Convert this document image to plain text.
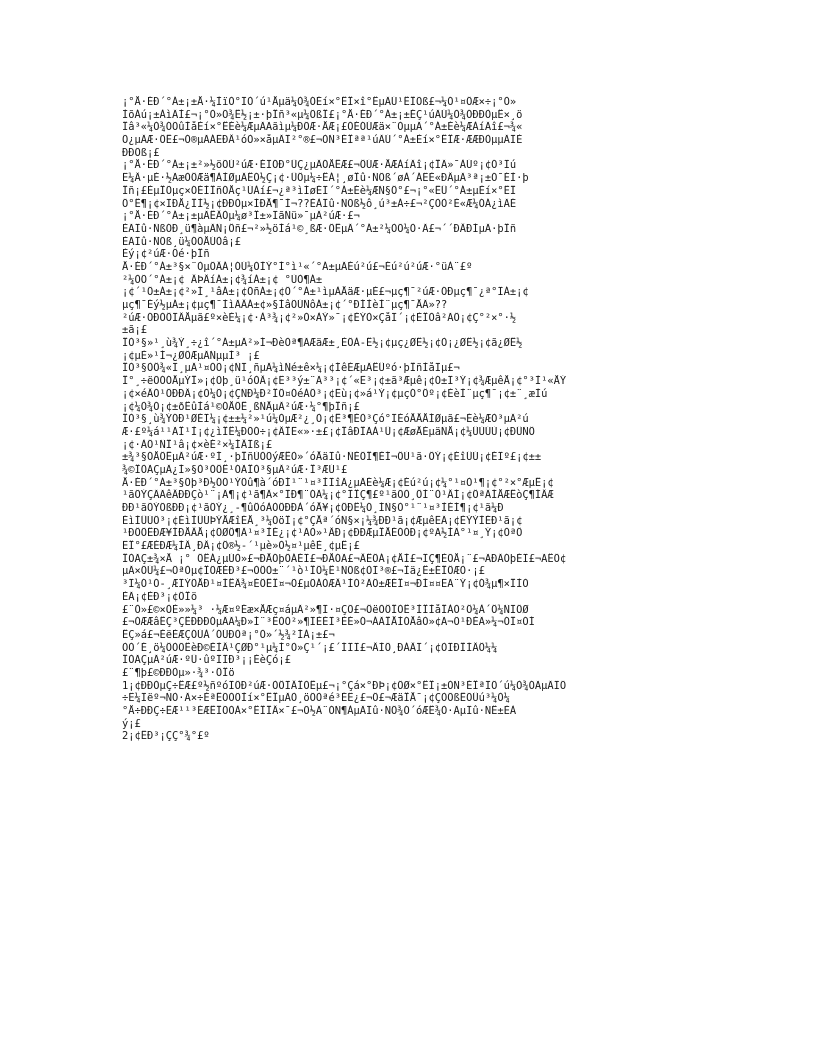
¡°Å·ÉÐ´°Á±¡±Å·¼ÌïÒ°ÏÒ´ú¹Åµä¼Ò¾ÓÉí×°ÊÎ×î°ÊµÄÚ¹ÊÎÕß£¬¼Ó¹¤ÖÆ×÷¡°Ò»
ÌõÁú¡±ÀìÄÌ£¬¡°Ò»Õ¾Ê½¡±·þÎñ³«µ¼ÕßÎ£¡°Å·ÉÐ´°Á±¡±ÉÇ¹úÄÚ¼Ò¾ÓÐÐÒµÊ×¸ö
Îâ³«¼Ò¾ÓÕûÌåÈí×°ÊÉè¼ÆµÄÃãìµ¼ÐÕÆ·ÅÆ¡£ÓÉÓÚÆä×¨ÒµµÄ´°Á±Éè¼ÆÀíÄî£¬¾«
Õ¿µÄÆ·ÖÊ£¬Ó®µÃÁËÐÂ¹óÒ»×åµÄÏ²°®£¬ÒÑ³ÉÎªª¹úÄÚ´°Á±Èí×°ÊÎÆ·ÆÆÐÒµµÄÏÈ
ÐÐÕß¡£
¡°Å·ÉÐ´°Á±¡±²»½öÕÚ²úÆ·ÉÏÓÐ°ÜÇ¿µÄÓÅÊÆ£¬ÔÚÆ·ÅÆÀíÄî¡¢ÎÄ»¯ÀÚº¡¢Ó³Ïú
Ë¼Â·µÈ·½ÃæÒÔÆä¶ÀÌØµÄÊÓ½Ç¡¢·ÛÔµ¼÷ÊÁ¦¸øÎû·ÑÕß´øÀ´ÁËÈ«ÐÂµÄ³ª¡±Ó¯ÉÌ·þ
Îñ¡£ÈµÎÕµç×ÓÉÌÎñÓÅç¹ÚÀí£¬¿ª³ìÍøÉÏ´°Á±Éè¼ÆÑ§Ô°£¬¡°«ÊÛ´°Á±µÈí×°ÊÎ
Ö°Ê¶¡¢×ÏÐÅ¿ÎÌ½¡¢ÐÐÒµ×ÌÐÅ¶¯Ì¬??ÈÀÏû·ÑÕß½ô¸ú³±Á÷£¬²ÇÒÒ²È«Æ¼ÓÁ¿ìÄÉ
¡°Å·ÉÐ´°Á±¡±µÄÊÂÒµ¼ø³Î±»ÏãÑü»¯µÄ²úÆ·£¬
ÈÃÏû·ÑßÓÐ¸ü¶àµÄÑ¡Ôñ£¬²»½öÌá¹©¸ßÆ·ÖÊµÄ´°Á±²¼ÒÕ¼Ò·Ä£¬´´ÐÂÐÍµÄ·þÎñ
ÈÃÏû·ÑÕß¸ü¼ÓÕÅÚÒâ¡£
Èý¡¢²úÆ·Öé·þÎñ
Å·ÉÐ´°Á±³§×¨ÒµÖÂÁ¦ÓÚ¼ÒÌÝ°Í°ì¹«´°Á±µÄÉú²ú£¬Éú²ú²úÆ·°üÀ¨£º
²¼ÒÕ´°Á±¡¢ ÂÞÂíÁ±¡¢¾íÁ±¡¢ °ÙÒ¶Á±
¡¢´¹Ö±Á±¡¢²»Í¸¹âÁ±¡¢ÕñÁ±¡¢Ö´°Á±¹ìµÀÅäÆ·µÈ£¬µç¶¯²úÆ·ÓÐµç¶¯¿ª°ÏÁ±¡¢
µç¶¯Éý½µÁ±¡¢µç¶¯ÌìÄÂÁ±¢»§ÍâÕÚÑôÁ±¡¢´°ÐÍÌèÌ¨µç¶¯ÅÄ»??
²úÆ·ÓÐÒÔÏÂÅµã£º×èÈ¼¡¢·À³¾¡¢²»Ò×ÀÝ»¯¡¢ÈÝÒ×ÇåÏ´¡¢ÈÎÒâ²ÃÖ¡¢Ç°²×°·½
±ã¡£
ÎÒ³§»¹¸ù¾Ý¸÷¿î´°Á±µÄ²»Í¬ÐèÒª¶ÃÆäÆ±¸ÈÖÀ-Ê½¡¢µç¿ØÊ½¡¢Ò¡¿ØÊ½¡¢ã¿ØÊ½
¡¢µÈ»¹Í¬¿ØÖÆµÄÑµµÍ³ ¡£
ÎÒ³§ÒÔ¾«Ï¸µÄ¹¤ÒÕ¡¢ÑÏ¸ñµÄ¼ìÑé±ê×¼¡¢ÍêÉÆµÄÊÛºó·þÎñÌåÏµ£¬
Î°¸÷ëÕÓÓÅµÝÎ»¡¢Õþ¸ü¹óÒÂ¡¢Ë³³ý±¨Ã³³¡¢´«Ë³¡¢±ã³Æµê¡¢Ó±Ï³Ý¡¢¾ÆµêÅ¡¢°³Ì¹«ÅÝ
¡¢×éÂÓ¹ÖÐÐÂ¡¢Ò¼Õ¡¢ÇÑÐ¼Ð²ÎÖ¤ÓéÀÖ³¡¢Ëù¡¢»á¹Ý¡¢µçÓ°Ôº¡¢ÈèÌ¨µç¶¯¡¢±¨¸æÌú
¡¢¼Ò¾Ó¡¢±ðÊûÌá¹©ÓÅÖÊ¸ßÑÅµÄ²úÆ·¼°¶þÎñ¡£
ÎÒ³§¸ù¾ÝÓÐ¹ØÉÏ¼¡¢±±¼²»¹ú¼ÒµÆ²¿¸Ò¡¢Ê³¶ÈÒ³Çó°ÏÉóÅÅÅÍØµã£¬Éè¼ÆÒ³µÄ²ú
Æ·£º¼á¹¹ÃÎ¹Ì¡¢¿ìÎÊ¼ÐÕÓ÷¡¢ÂÎË«»·±£¡¢ÎâÐÎÃÀ¹Û¡¢ÆøÅÉµäÑÅ¡¢¼ÛÙÚÙ¡¢ÐÛÑÔ
¡¢·ÀÖ¹ÑÎ¹â¡¢×èÉ²×¼ÍÂÏß¡£
±¾³§ÓÅÖÊµÄ²úÆ·ºÍ¸·þÎñÙÒÕýÆÊÒ»´óÅäÏû·ÑÈÖÎ¶ÈÍ¬ÔÚ¹ã·ÖÝ¡¢ÉîÛÚ¡¢ÉÏº£¡¢±±
¾©ÎÒÃÇµÄ¿Í»§Ò³ÒÔÊ¹ÓÃÎÒ³§µÄ²úÆ·Î³ÆÚ¹£
Å·ÉÐ´°Á±³§Õþ³Ð½ÓÓ¹ÝÕû¶à´óÐÍ¹¨¹¤³ÌÏîÄ¿µÄÉè¼Æ¡¢Éú²ú¡¢¼°¹¤Ò¹¶¡¢°²×°ÆµÊ¡¢
¹ãÕÝÇÄÃêÂÐÐÇò¹¨¡Ä¶¡¢¹ã¶Ä×°ÏÐ¶¨ÓÃ¼¡¢°ÏÎÇ¶£º¹ãÕÒ¸ÖÌ¨Ò¹ÂÍ¡¢ÔªÄÍÅÆÊòÇ¶ÍÂÆ
ÐÐ¹ãÕÝÕßÐÐ¡¢¹ãÕÝ¿¸-¶ûÖóÀÒÖÐÐÀ´óÅ¥¡¢ÖÐÊ¼Ó¸ÍÑ§Ò°¹¨¹¤³ÌÉÍ¶¡¢¹ã¼Ð
ÉìÌÛÚÖ³¡¢ÉìÌÛÚÞÝÅÆîÉÅ¸³¼ÓöÎ¡¢°ÇÅª´óÑ§×¡¼¾ÐÐ¹ã¡¢ÆµêËÄ¡¢ÈÝÝÌÉÐ¹ã¡¢
¹ÐÔÖÊÐÆ¥ÍÐÅÂÅ¡¢ÖØÔ¶Ä¹¤³ÌÉ¿¡¢¹ÃÒ»¹ÂÐ¡¢ÐÐÆµÎÅÉÓÓÐ¡¢ºÃ½ÌÄ°¹¤¸Ý¡¢ÒªÔ
ËÎ°£ÆÉÐÆ¼ÍÂ¸ÐÂ¡¢Ô®½-´¹µè»Ò½¤¹µêÈ¸¢µÊ¡£
ÎÒÃÇ±¾×Å ¡° ÖÊÁ¿µÚÒ»£¬ÐÅÓþÖÁÉÏ£¬ÐÅÓÃ£¬ÂÊÖÁ¡¢ÅÌ£¬ÏÇ¶ÈÕÅ¡¨£¬ÃÐÄÓþÉÏ£¬ÃÊÖ¢
µÄ×ÖÚ¼£¬ÖªÒµ¢ÎÕÆÈÐ³£¬ÒÔÒ±¨´¹ò¹ÎÔ¼Ê¹ÑÕß¢ÒÏ³®£¬Îä¿Ê±ÉÎÔÆÒ·¡£
³Ï¼Ó¹Ó-¸ÆÏÝÕÅÐ¹¤ÍÊÂ¾¤ÈÔÊÎ¤¬Õ£µÕÁÒÆÂ¹ÌÓ²ÄÖ±ÆÉÎ¤¬ÐÍ¤¤ËÃ¨Ý¡¢Ó¾µ¶×ÎÌÒ
ÈÄ¡¢ÈÐ³¡¢ÖÎö
£¨Ò»£©×ÒÈ»»¼³ ·¼Æ¤ºÉæ×ÅÆç¤áµÄ²»¶Ï·¤ÇÕ£¬ÔëÒÔÎÒÊ³ÌÎÌåÎÀÒ²Ô¼À´Ô¼ÑÏÖØ
£¬ÓÆÆâÊÇ³ÇÊÐÐÐÓµÄÃ¼Ð»Í¨³ÊÒÒ²»¶ÏÈÉÏ³ÈÉ»Ó¬ÁÄÎÅÌÓÅâÒ»¢Ã¬Õ¹ÐÈÃ»¼¬ÓÎ¤ÓÍ
ÊÇ»á£¬ÈëÈÆÇÓÚÀ´ÓÚÐÒª¡°Ò»´½¾²ÍÁ¡±£¬
ÒÒ´É¸ö¼ÔÒÕÊèÐ©ÈÌÂ¹ÇØÐ°¹µ¼Í°Ò»Ç¹´¡£´ÍÏÏ£¬ÂÌÖ¸ÐÁÂÏ´¡¢ÒÏÐÎÍÂÔ¼¼
ÎÒÃÇµÄ²úÆ·ºÜ·ûºÏÏÐ³¡¡ÈèÇó¡£
£¨¶þ£©ÐÐÒµ»·¾³·ÖÎö
1¡¢ÐÐÒµÇ÷ÊÆ£º½ñºóÏÖÐ²úÆ·ÒÔÏÂÎÒÊµ£¬¡°Çá×°ÐÞ¡¢ÖØ×°ÊÎ¡±ÒÑ³ÉÎªÏÖ´ú¼Ò¾ÓÃµÄÏÖ
÷Ë¼Ïëº¬ÑÒ·Ä×÷ÈªÊÕÒÕÌí×°ÊÎµÄÒ¸öÕÒªé³ÉË¿£¬Ö£¬ÆäÎÅ¯¡¢ÇÒÕßÊÕÛú³¼Ò¼
°Å÷ÐÐÇ÷ÊÆ¹¹³ÉÆÊÎÕÒÀ×°ÊÎÎÂ×¯£¬Õ½Ä¨ÓÑ¶ÀµÄÏû·ÑÖ¾Ó´óÆÊ¾Ò·ÃµÏû·ÑÊ±ÈÀ
ý¡£
2¡¢ÊÐ³¡ÇÇ°¾°£º
